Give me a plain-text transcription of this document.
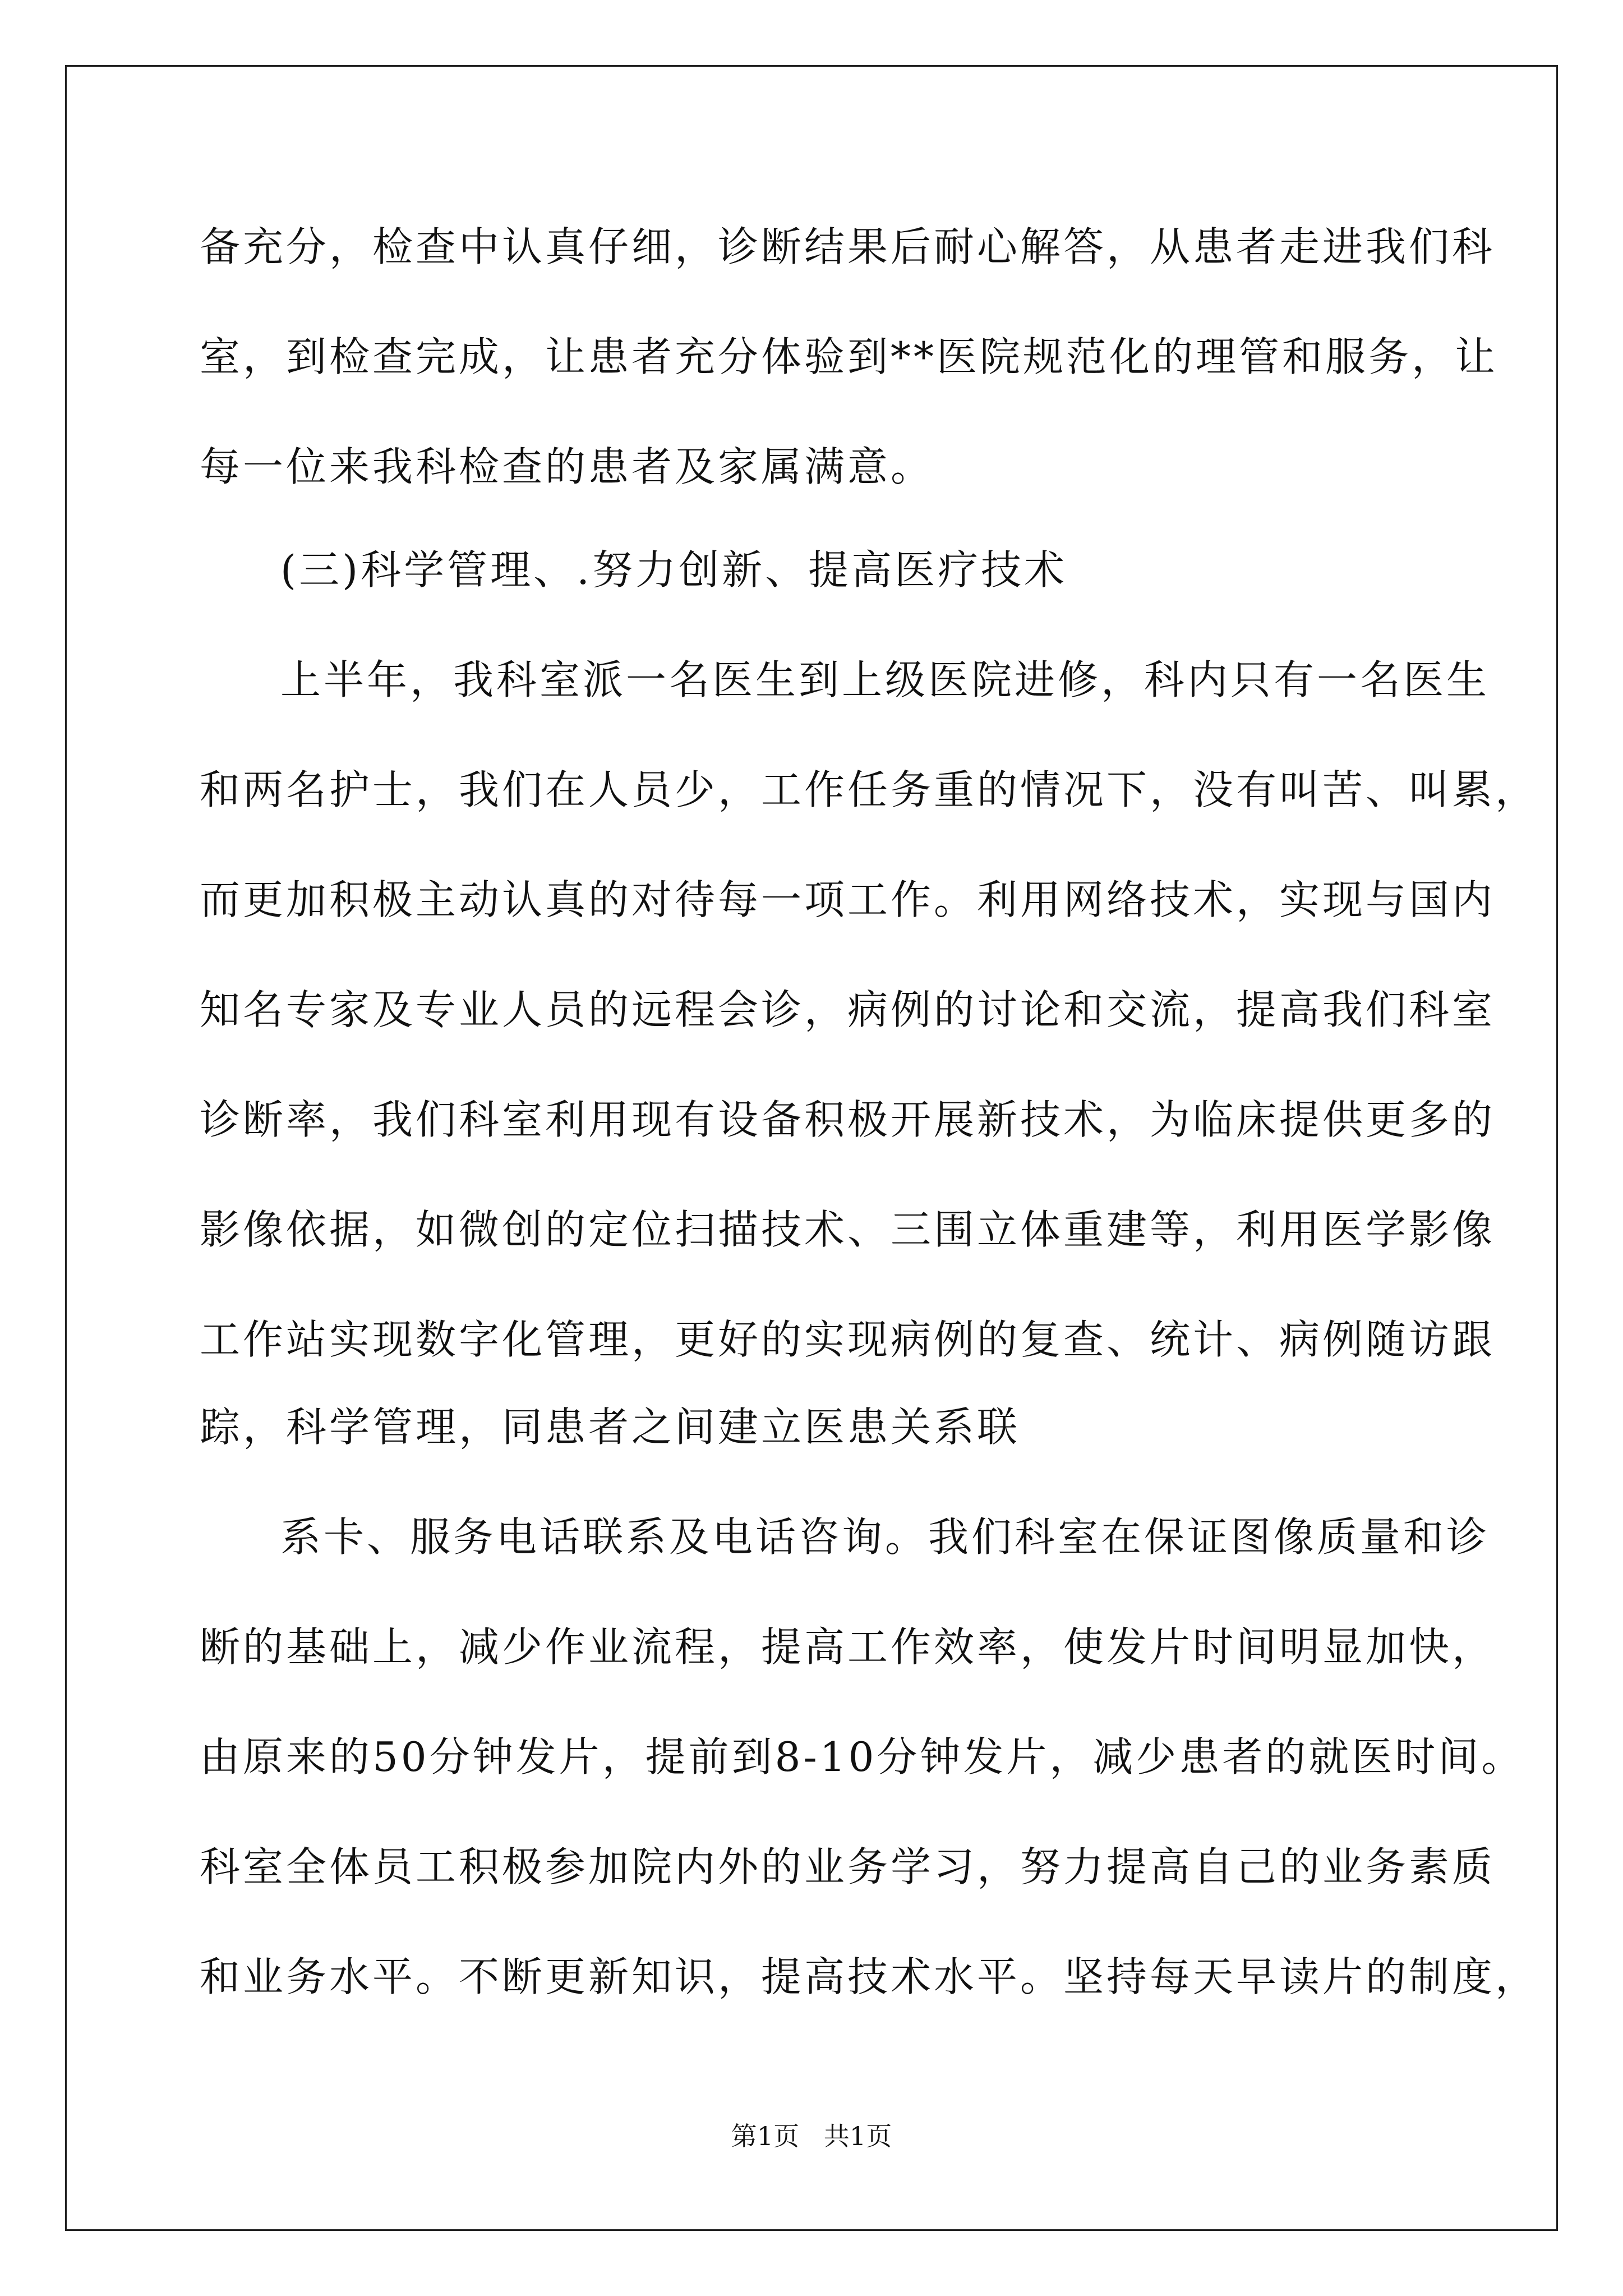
备充分，检查中认真仔细，诊断结果后耐心解答，从患者走进我们科
室，到检查完成，让患者充分体验到**医院规范化的理管和服务，让
每一位来我科检查的患者及家属满意。
(三)科学管理、.努力创新、提高医疗技术
上半年，我科室派一名医生到上级医院进修，科内只有一名医生
和两名护士，我们在人员少，工作任务重的情况下，没有叫苦、叫累，
而更加积极主动认真的对待每一项工作。利用网络技术，实现与国内
知名专家及专业人员的远程会诊，病例的讨论和交流，提高我们科室
诊断率，我们科室利用现有设备积极开展新技术，为临床提供更多的
影像依据，如微创的定位扫描技术、三围立体重建等，利用医学影像
工作站实现数字化管理，更好的实现病例的复查、统计、病例随访跟
踪，科学管理，同患者之间建立医患关系联
系卡、服务电话联系及电话咨询。我们科室在保证图像质量和诊
断的基础上，减少作业流程，提高工作效率，使发片时间明显加快，
由原来的50分钟发片，提前到8-10分钟发片，减少患者的就医时间。
科室全体员工积极参加院内外的业务学习，努力提高自己的业务素质
和业务水平。不断更新知识，提高技术水平。坚持每天早读片的制度，
第1页   共1页
